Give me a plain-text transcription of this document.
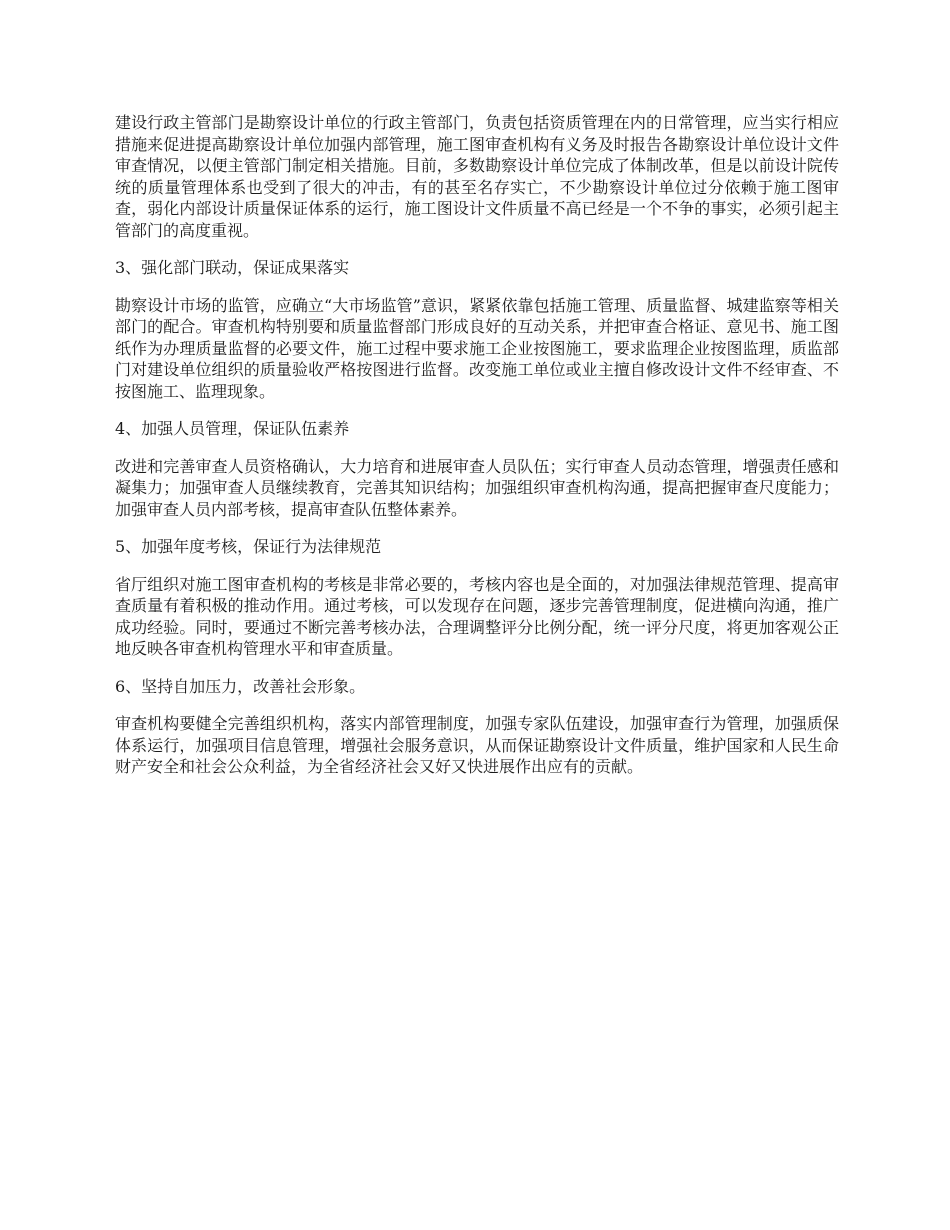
建设行政主管部门是勘察设计单位的行政主管部门，负责包括资质管理在内的日常管理，应当实行相应措施来促进提高勘察设计单位加强内部管理，施工图审查机构有义务及时报告各勘察设计单位设计文件审查情况，以便主管部门制定相关措施。目前，多数勘察设计单位完成了体制改革，但是以前设计院传统的质量管理体系也受到了很大的冲击，有的甚至名存实亡，不少勘察设计单位过分依赖于施工图审查，弱化内部设计质量保证体系的运行，施工图设计文件质量不高已经是一个不争的事实，必须引起主管部门的高度重视。

3、强化部门联动，保证成果落实

勘察设计市场的监管，应确立“大市场监管”意识，紧紧依靠包括施工管理、质量监督、城建监察等相关部门的配合。审查机构特别要和质量监督部门形成良好的互动关系，并把审查合格证、意见书、施工图纸作为办理质量监督的必要文件，施工过程中要求施工企业按图施工，要求监理企业按图监理，质监部门对建设单位组织的质量验收严格按图进行监督。改变施工单位或业主擅自修改设计文件不经审查、不按图施工、监理现象。

4、加强人员管理，保证队伍素养

改进和完善审查人员资格确认，大力培育和进展审查人员队伍；实行审查人员动态管理，增强责任感和凝集力；加强审查人员继续教育，完善其知识结构；加强组织审查机构沟通，提高把握审查尺度能力；加强审查人员内部考核，提高审查队伍整体素养。

5、加强年度考核，保证行为法律规范

省厅组织对施工图审查机构的考核是非常必要的，考核内容也是全面的，对加强法律规范管理、提高审查质量有着积极的推动作用。通过考核，可以发现存在问题，逐步完善管理制度，促进横向沟通，推广成功经验。同时，要通过不断完善考核办法，合理调整评分比例分配，统一评分尺度，将更加客观公正地反映各审查机构管理水平和审查质量。

6、坚持自加压力，改善社会形象。

审查机构要健全完善组织机构，落实内部管理制度，加强专家队伍建设，加强审查行为管理，加强质保体系运行，加强项目信息管理，增强社会服务意识，从而保证勘察设计文件质量，维护国家和人民生命财产安全和社会公众利益，为全省经济社会又好又快进展作出应有的贡献。
